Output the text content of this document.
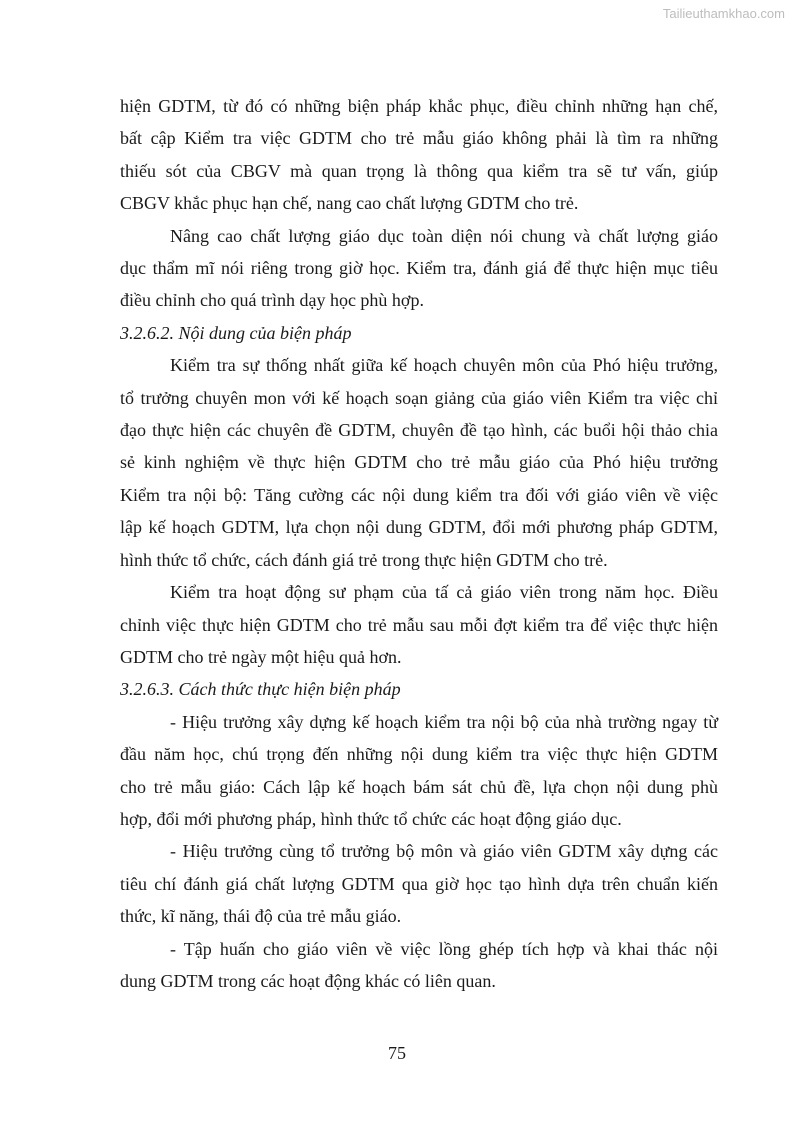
Tailieuthamkhao.com

hiện GDTM, từ đó có những biện pháp khắc phục, điều chỉnh những hạn chế,
bất cập Kiểm tra việc GDTM cho trẻ mẫu giáo không phải là tìm ra những
thiếu sót của CBGV mà quan trọng là thông qua kiểm tra sẽ tư vấn, giúp
CBGV khắc phục hạn chế, nang cao chất lượng GDTM cho trẻ.

Nâng cao chất lượng giáo dục toàn diện nói chung và chất lượng giáo
dục thẩm mĩ nói riêng trong giờ học. Kiểm tra, đánh giá để thực hiện mục tiêu
điều chỉnh cho quá trình dạy học phù hợp.

3.2.6.2. Nội dung của biện pháp

Kiểm tra sự thống nhất giữa kế hoạch chuyên môn của Phó hiệu trưởng,
tổ trưởng chuyên mon với kế hoạch soạn giảng của giáo viên Kiểm tra việc chỉ
đạo thực hiện các chuyên đề GDTM, chuyên đề tạo hình, các buổi hội thảo chia
sẻ kinh nghiệm về thực hiện GDTM cho trẻ mẫu giáo của Phó hiệu trưởng
Kiểm tra nội bộ: Tăng cường các nội dung kiểm tra đối với giáo viên về việc
lập kế hoạch GDTM, lựa chọn nội dung GDTM, đổi mới phương pháp GDTM,
hình thức tổ chức, cách đánh giá trẻ trong thực hiện GDTM cho trẻ.

Kiểm tra hoạt động sư phạm của tấ cả giáo viên trong năm học. Điều
chỉnh việc thực hiện GDTM cho trẻ mẫu sau mỗi đợt kiểm tra để việc thực hiện
GDTM cho trẻ ngày một hiệu quả hơn.

3.2.6.3. Cách thức thực hiện biện pháp

- Hiệu trưởng xây dựng kế hoạch kiểm tra nội bộ của nhà trường ngay từ
đầu năm học, chú trọng đến những nội dung kiểm tra việc thực hiện GDTM
cho trẻ mẫu giáo: Cách lập kế hoạch bám sát chủ đề, lựa chọn nội dung phù
hợp, đổi mới phương pháp, hình thức tổ chức các hoạt động giáo dục.

- Hiệu trưởng cùng tổ trưởng bộ môn và giáo viên GDTM xây dựng các
tiêu chí đánh giá chất lượng GDTM qua giờ học tạo hình dựa trên chuẩn kiến
thức, kĩ năng, thái độ của trẻ mẫu giáo.

- Tập huấn cho giáo viên về việc lồng ghép tích hợp và khai thác nội
dung GDTM trong các hoạt động khác có liên quan.

75
